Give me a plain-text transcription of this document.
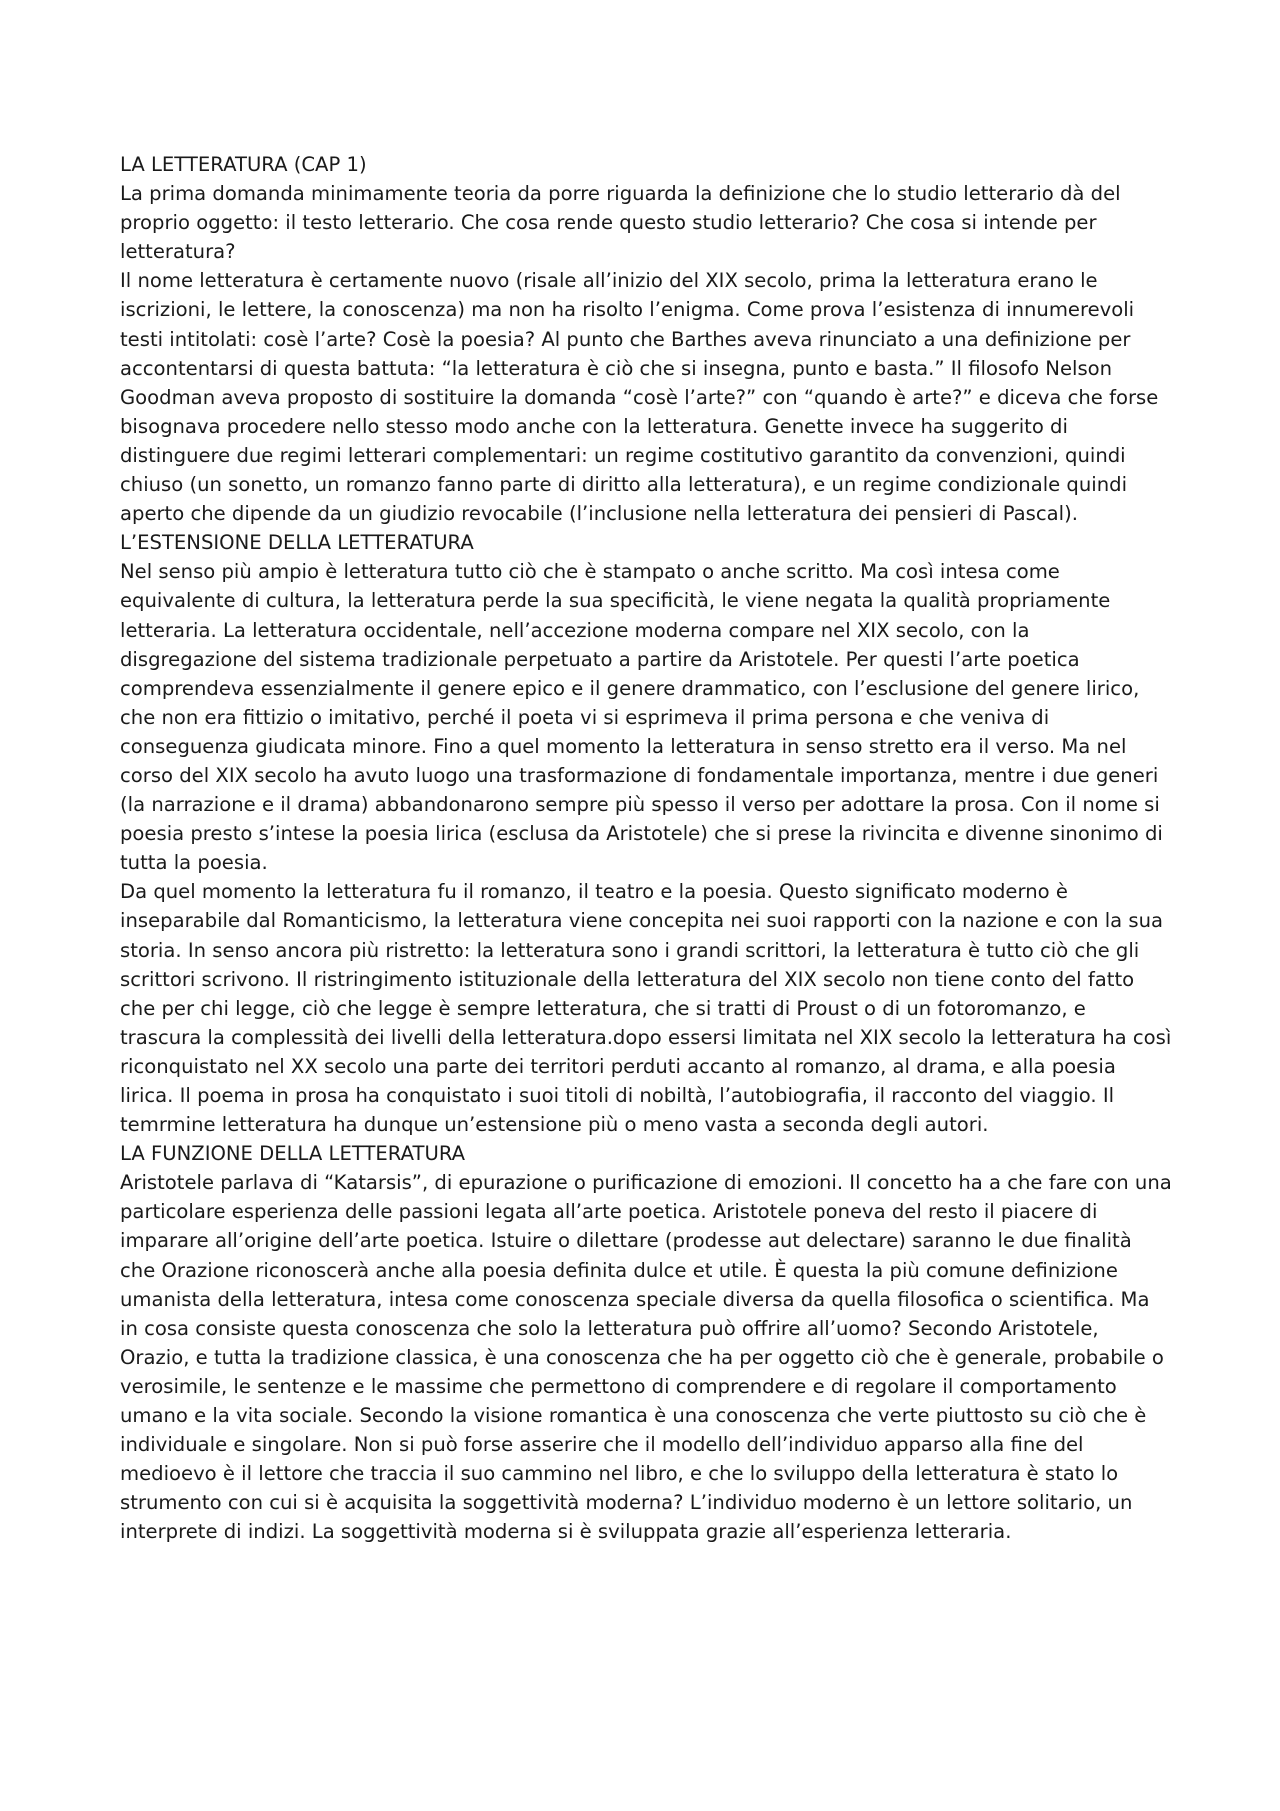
LA LETTERATURA (CAP 1)

La prima domanda minimamente teoria da porre riguarda la definizione che lo studio letterario dà del proprio oggetto: il testo letterario. Che cosa rende questo studio letterario? Che cosa si intende per letteratura?

Il nome letteratura è certamente nuovo (risale all’inizio del XIX secolo, prima la letteratura erano le iscrizioni, le lettere, la conoscenza) ma non ha risolto l’enigma. Come prova l’esistenza di innumerevoli testi intitolati: cosè l’arte? Cosè la poesia? Al punto che Barthes aveva rinunciato a una definizione per accontentarsi di questa battuta: “la letteratura è ciò che si insegna, punto e basta.” Il filosofo Nelson Goodman aveva proposto di sostituire la domanda “cosè l’arte?” con “quando è arte?” e diceva che forse bisognava procedere nello stesso modo anche con la letteratura. Genette invece ha suggerito di distinguere due regimi letterari complementari: un regime costitutivo garantito da convenzioni, quindi chiuso (un sonetto, un romanzo fanno parte di diritto alla letteratura), e un regime condizionale quindi aperto che dipende da un giudizio revocabile (l’inclusione nella letteratura dei pensieri di Pascal).

L’ESTENSIONE DELLA LETTERATURA

Nel senso più ampio è letteratura tutto ciò che è stampato o anche scritto. Ma così intesa come equivalente di cultura, la letteratura perde la sua specificità, le viene negata la qualità propriamente letteraria. La letteratura occidentale, nell’accezione moderna compare nel XIX secolo, con la disgregazione del sistema tradizionale perpetuato a partire da Aristotele. Per questi l’arte poetica comprendeva essenzialmente il genere epico e il genere drammatico, con l’esclusione del genere lirico, che non era fittizio o imitativo, perché il poeta vi si esprimeva il prima persona e che veniva di conseguenza giudicata minore. Fino a quel momento la letteratura in senso stretto era il verso. Ma nel corso del XIX secolo ha avuto luogo una trasformazione di fondamentale importanza, mentre i due generi (la narrazione e il drama) abbandonarono sempre più spesso il verso per adottare la prosa. Con il nome si poesia presto s’intese la poesia lirica (esclusa da Aristotele) che si prese la rivincita e divenne sinonimo di tutta la poesia.

Da quel momento la letteratura fu il romanzo, il teatro e la poesia. Questo significato moderno è inseparabile dal Romanticismo, la letteratura viene concepita nei suoi rapporti con la nazione e con la sua storia. In senso ancora più ristretto: la letteratura sono i grandi scrittori, la letteratura è tutto ciò che gli scrittori scrivono. Il ristringimento istituzionale della letteratura del XIX secolo non tiene conto del fatto che per chi legge, ciò che legge è sempre letteratura, che si tratti di Proust o di un fotoromanzo, e trascura la complessità dei livelli della letteratura.dopo essersi limitata nel XIX secolo la letteratura ha così riconquistato nel XX secolo una parte dei territori perduti accanto al romanzo, al drama, e alla poesia lirica. Il poema in prosa ha conquistato i suoi titoli di nobiltà, l’autobiografia, il racconto del viaggio. Il temrmine letteratura ha dunque un’estensione più o meno vasta a seconda degli autori.

LA FUNZIONE DELLA LETTERATURA

Aristotele parlava di “Katarsis”, di epurazione o purificazione di emozioni. Il concetto ha a che fare con una particolare esperienza delle passioni legata all’arte poetica. Aristotele poneva del resto il piacere di imparare all’origine dell’arte poetica. Istuire o dilettare (prodesse aut delectare) saranno le due finalità che Orazione riconoscerà anche alla poesia definita dulce et utile. È questa la più comune definizione umanista della letteratura, intesa come conoscenza speciale diversa da quella filosofica o scientifica. Ma in cosa consiste questa conoscenza che solo la letteratura può offrire all’uomo? Secondo Aristotele, Orazio, e tutta la tradizione classica, è una conoscenza che ha per oggetto ciò che è generale, probabile o verosimile, le sentenze e le massime che permettono di comprendere e di regolare il comportamento umano e la vita sociale. Secondo la visione romantica è una conoscenza che verte piuttosto su ciò che è individuale e singolare. Non si può forse asserire che il modello dell’individuo apparso alla fine del medioevo è il lettore che traccia il suo cammino nel libro, e che lo sviluppo della letteratura è stato lo strumento con cui si è acquisita la soggettività moderna? L’individuo moderno è un lettore solitario, un interprete di indizi. La soggettività moderna si è sviluppata grazie all’esperienza letteraria.
